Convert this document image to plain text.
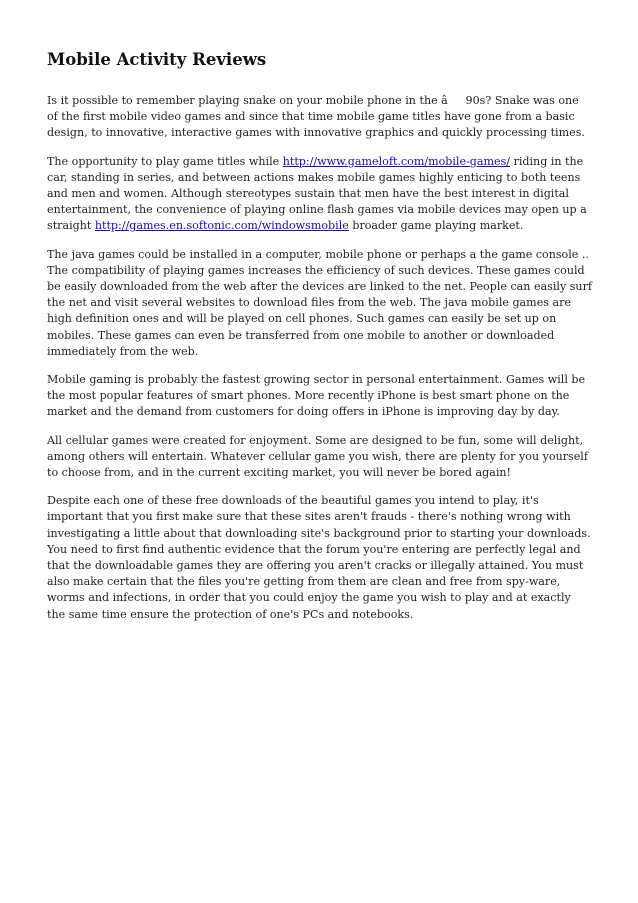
Mobile Activity Reviews

Is it possible to remember playing snake on your mobile phone in the â90s? Snake was one of the first mobile video games and since that time mobile game titles have gone from a basic design, to innovative, interactive games with innovative graphics and quickly processing times.

The opportunity to play game titles while http://www.gameloft.com/mobile-games/ riding in the car, standing in series, and between actions makes mobile games highly enticing to both teens and men and women. Although stereotypes sustain that men have the best interest in digital entertainment, the convenience of playing online flash games via mobile devices may open up a straight http://games.en.softonic.com/windowsmobile broader game playing market.

The java games could be installed in a computer, mobile phone or perhaps a the game console .. The compatibility of playing games increases the efficiency of such devices. These games could be easily downloaded from the web after the devices are linked to the net. People can easily surf the net and visit several websites to download files from the web. The java mobile games are high definition ones and will be played on cell phones. Such games can easily be set up on mobiles. These games can even be transferred from one mobile to another or downloaded immediately from the web.

Mobile gaming is probably the fastest growing sector in personal entertainment. Games will be the most popular features of smart phones. More recently iPhone is best smart phone on the market and the demand from customers for doing offers in iPhone is improving day by day.

All cellular games were created for enjoyment. Some are designed to be fun, some will delight, among others will entertain. Whatever cellular game you wish, there are plenty for you yourself to choose from, and in the current exciting market, you will never be bored again!

Despite each one of these free downloads of the beautiful games you intend to play, it's important that you first make sure that these sites aren't frauds - there's nothing wrong with investigating a little about that downloading site's background prior to starting your downloads. You need to first find authentic evidence that the forum you're entering are perfectly legal and that the downloadable games they are offering you aren't cracks or illegally attained. You must also make certain that the files you're getting from them are clean and free from spy-ware, worms and infections, in order that you could enjoy the game you wish to play and at exactly the same time ensure the protection of one's PCs and notebooks.
